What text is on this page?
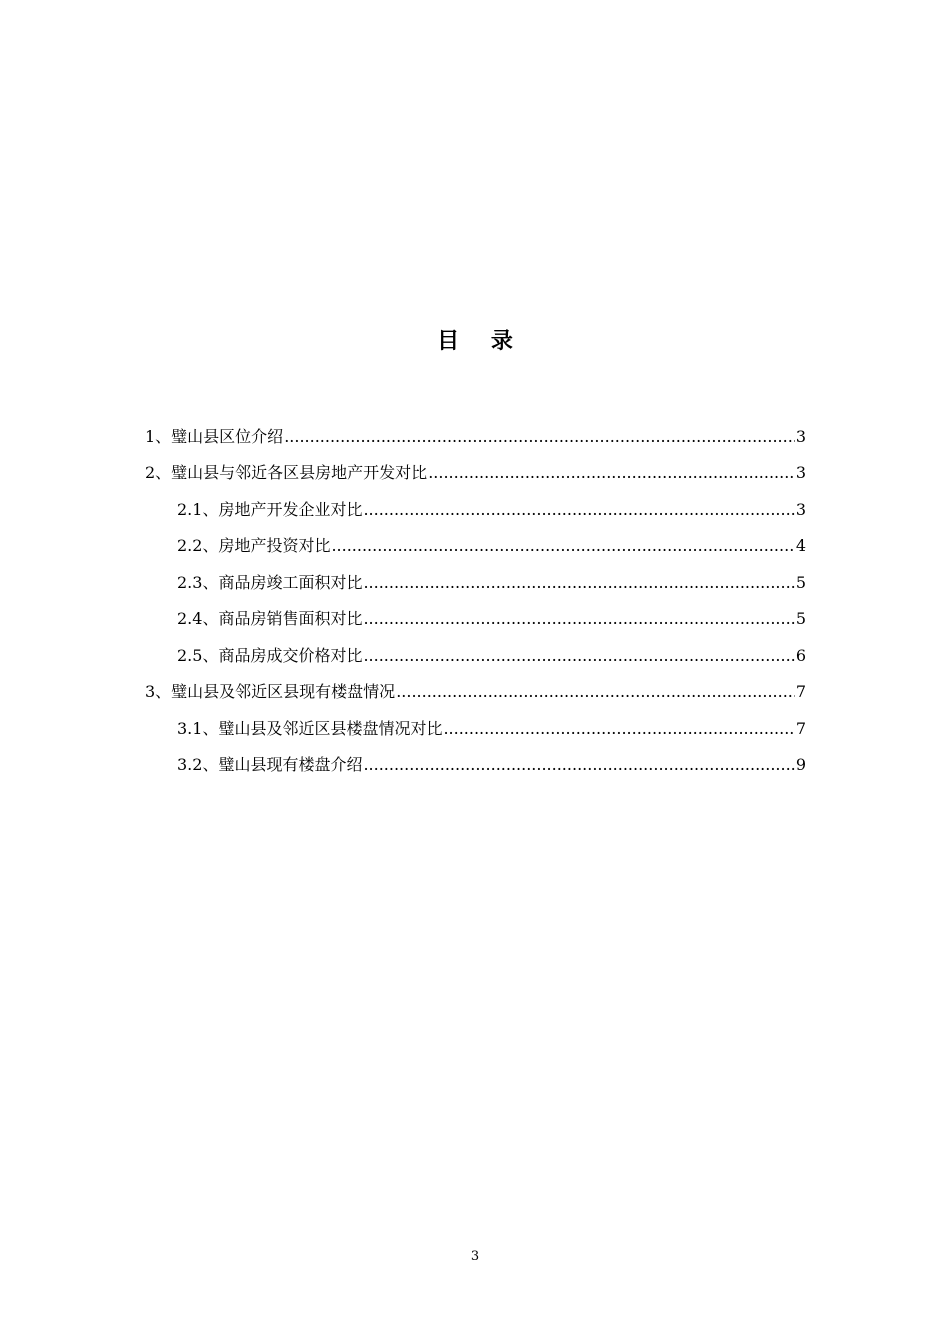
目 录
1、璧山县区位介绍 .....	3
2、璧山县与邻近各区县房地产开发对比 .....	3
2.1、房地产开发企业对比 .....	3
2.2、房地产投资对比 .....	4
2.3、商品房竣工面积对比 .....	5
2.4、商品房销售面积对比 .....	5
2.5、商品房成交价格对比 .....	6
3、璧山县及邻近区县现有楼盘情况 .....	7
3.1、璧山县及邻近区县楼盘情况对比 .....	7
3.2、璧山县现有楼盘介绍 .....	9
3
